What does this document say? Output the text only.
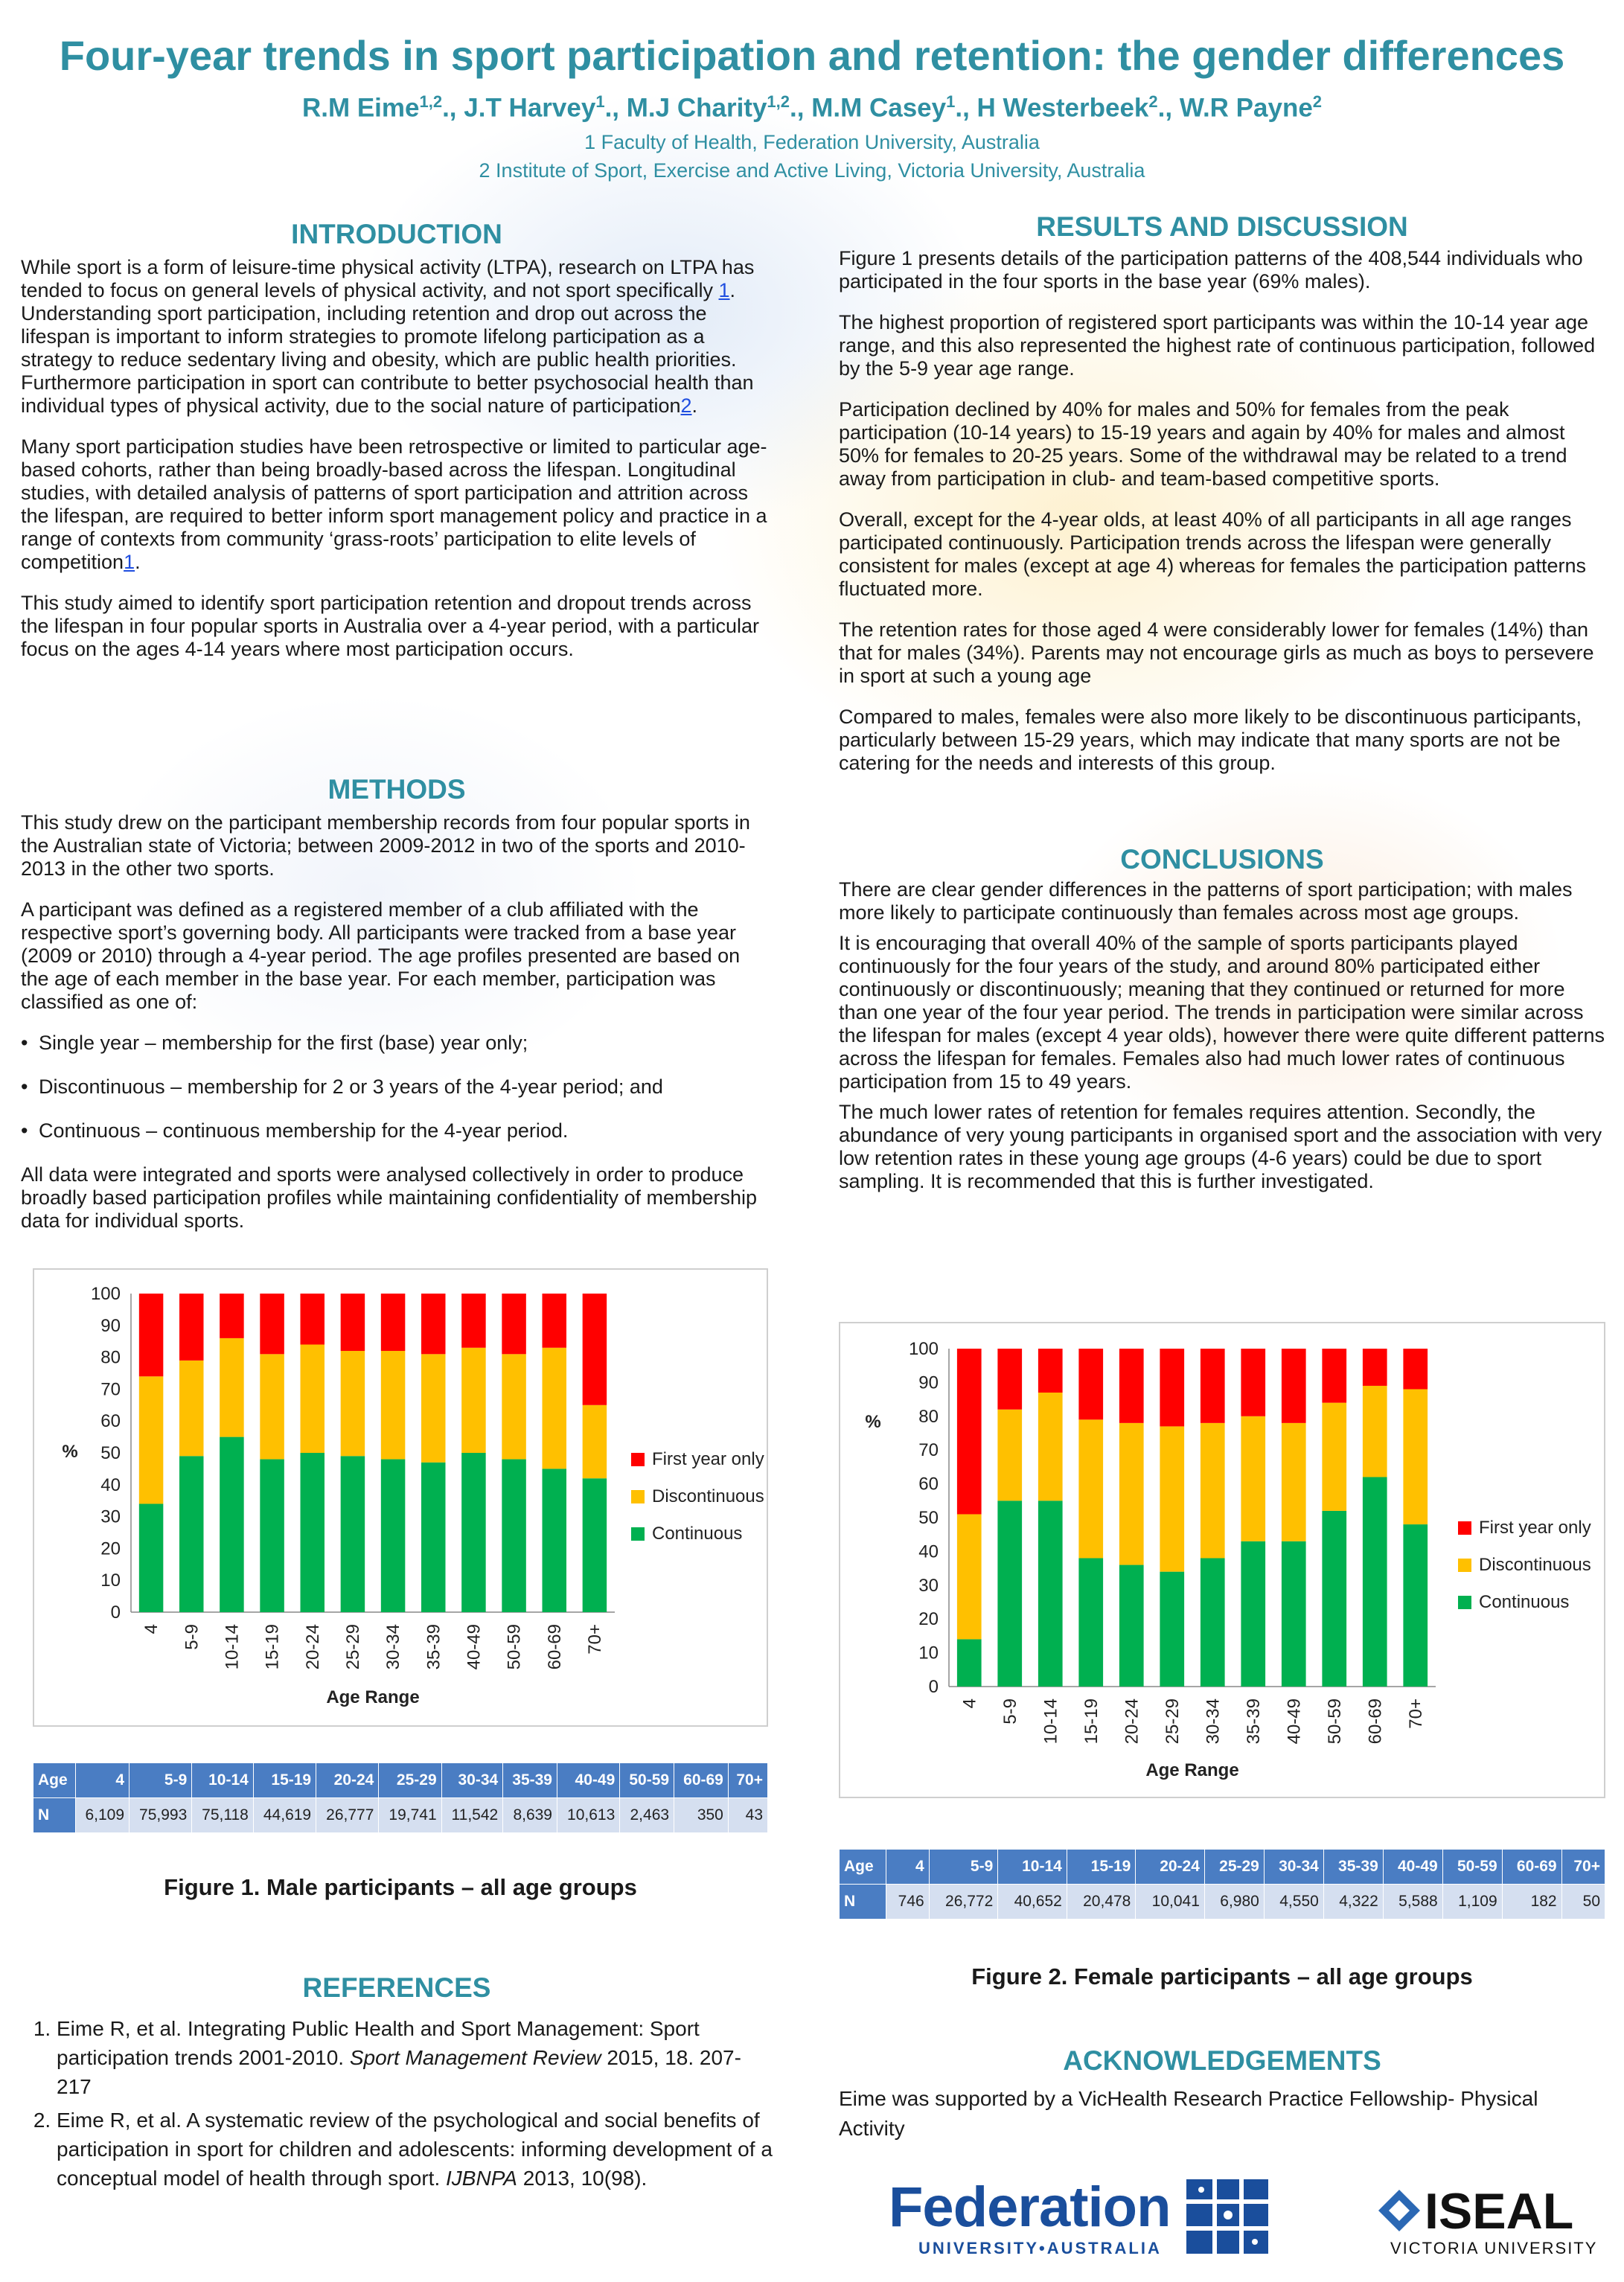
Four-year trends in sport participation and retention: the gender differences
R.M Eime$^{1,2}$., J.T Harvey$^1$., M.J Charity$^{1,2}$., M.M Casey$^1$., H Westerbeek$^2$., W.R Payne$^2$
1 Faculty of Health, Federation University, Australia
2 Institute of Sport, Exercise and Active Living, Victoria University, Australia
INTRODUCTION

While sport is a form of leisure-time physical activity (LTPA), research on LTPA has tended to focus on general levels of physical activity, and not sport specifically 1. Understanding sport participation, including retention and drop out across the lifespan is important to inform strategies to promote lifelong participation as a strategy to reduce sedentary living and obesity, which are public health priorities. Furthermore participation in sport can contribute to better psychosocial health than individual types of physical activity, due to the social nature of participation2.

Many sport participation studies have been retrospective or limited to particular age-based cohorts, rather than being broadly-based across the lifespan. Longitudinal studies, with detailed analysis of patterns of sport participation and attrition across the lifespan, are required to better inform sport management policy and practice in a range of contexts from community ‘grass-roots’ participation to elite levels of competition1.

This study aimed to identify sport participation retention and dropout trends across the lifespan in four popular sports in Australia over a 4-year period, with a particular focus on the ages 4-14 years where most participation occurs.

METHODS

This study drew on the participant membership records from four popular sports in the Australian state of Victoria; between 2009-2012 in two of the sports and 2010-2013 in the other two sports.

A participant was defined as a registered member of a club affiliated with the respective sport’s governing body. All participants were tracked from a base year (2009 or 2010) through a 4-year period. The age profiles presented are based on the age of each member in the base year. For each member, participation was classified as one of:

• Single year – membership for the first (base) year only;
• Discontinuous – membership for 2 or 3 years of the 4-year period; and
• Continuous – continuous membership for the 4-year period.

All data were integrated and sports were analysed collectively in order to produce broadly based participation profiles while maintaining confidentiality of membership data for individual sports.

0
10
20
30
40
50
60
70
80
90
100
%
4 5-9 10-14 15-19 20-24 25-29 30-34 35-39 40-49 50-59 60-69 70+
Age Range
First year only
Discontinuous
Continuous
Age	4	5-9	10-14	15-19	20-24	25-29	30-34	35-39	40-49	50-59	60-69	70+
N	6,109	75,993	75,118	44,619	26,777	19,741	11,542	8,639	10,613	2,463	350	43
Figure 1. Male participants – all age groups
REFERENCES
1. Eime R, et al. Integrating Public Health and Sport Management: Sport participation trends 2001-2010. Sport Management Review 2015, 18. 207-217
2. Eime R, et al. A systematic review of the psychological and social benefits of participation in sport for children and adolescents: informing development of a conceptual model of health through sport. IJBNPA 2013, 10(98).
RESULTS AND DISCUSSION

Figure 1 presents details of the participation patterns of the 408,544 individuals who participated in the four sports in the base year (69% males).

The highest proportion of registered sport participants was within the 10-14 year age range, and this also represented the highest rate of continuous participation, followed by the 5-9 year age range.

Participation declined by 40% for males and 50% for females from the peak participation (10-14 years) to 15-19 years and again by 40% for males and almost 50% for females to 20-25 years. Some of the withdrawal may be related to a trend away from participation in club- and team-based competitive sports.

Overall, except for the 4-year olds, at least 40% of all participants in all age ranges participated continuously. Participation trends across the lifespan were generally consistent for males (except at age 4) whereas for females the participation patterns fluctuated more.

The retention rates for those aged 4 were considerably lower for females (14%) than that for males (34%). Parents may not encourage girls as much as boys to persevere in sport at such a young age

Compared to males, females were also more likely to be discontinuous participants, particularly between 15-29 years, which may indicate that many sports are not be catering for the needs and interests of this group.

CONCLUSIONS

There are clear gender differences in the patterns of sport participation; with males more likely to participate continuously than females across most age groups.

It is encouraging that overall 40% of the sample of sports participants played continuously for the four years of the study, and around 80% participated either continuously or discontinuously; meaning that they continued or returned for more than one year of the four year period. The trends in participation were similar across the lifespan for males (except 4 year olds), however there were quite different patterns across the lifespan for females. Females also had much lower rates of continuous participation from 15 to 49 years.

The much lower rates of retention for females requires attention. Secondly, the abundance of very young participants in organised sport and the association with very low retention rates in these young age groups (4-6 years) could be due to sport sampling. It is recommended that this is further investigated.

0
10
20
30
40
50
60
70
80
90
100
%
4 5-9 10-14 15-19 20-24 25-29 30-34 35-39 40-49 50-59 60-69 70+
Age Range
First year only
Discontinuous
Continuous
Age	4	5-9	10-14	15-19	20-24	25-29	30-34	35-39	40-49	50-59	60-69	70+
N	746	26,772	40,652	20,478	10,041	6,980	4,550	4,322	5,588	1,109	182	50
Figure 2. Female participants – all age groups
ACKNOWLEDGEMENTS

Eime was supported by a VicHealth Research Practice Fellowship- Physical Activity

Federation
UNIVERSITY•AUSTRALIA
ISEAL
VICTORIA UNIVERSITY
